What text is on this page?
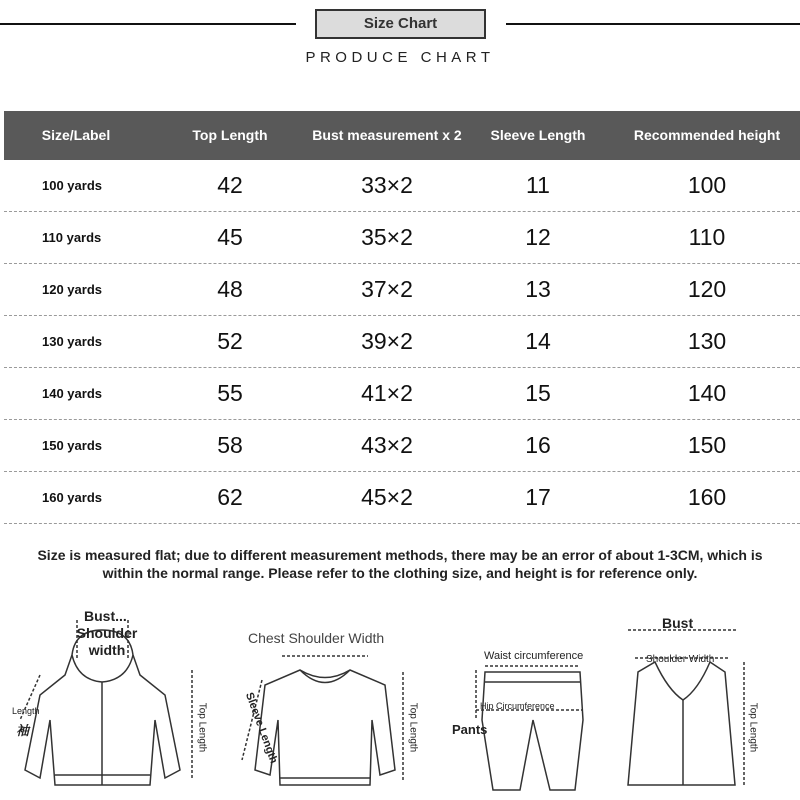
Size Chart
PRODUCE CHART
Size/Label	Top Length	Bust measurement x 2	Sleeve Length	Recommended height
100 yards	42	33×2	11	100
110 yards	45	35×2	12	110
120 yards	48	37×2	13	120
130 yards	52	39×2	14	130
140 yards	55	41×2	15	140
150 yards	58	43×2	16	150
160 yards	62	45×2	17	160
Size is measured flat; due to different measurement methods, there may be an error of about 1-3CM, which is within the normal range. Please refer to the clothing size, and height is for reference only.
Bust...
Shoulder width
Length
袖	Top Length
Chest Shoulder Width
Sleeve Length	Top Length
Waist circumference
Hip Circumference
Pants
Bust
Shoulder Width
Top Length
